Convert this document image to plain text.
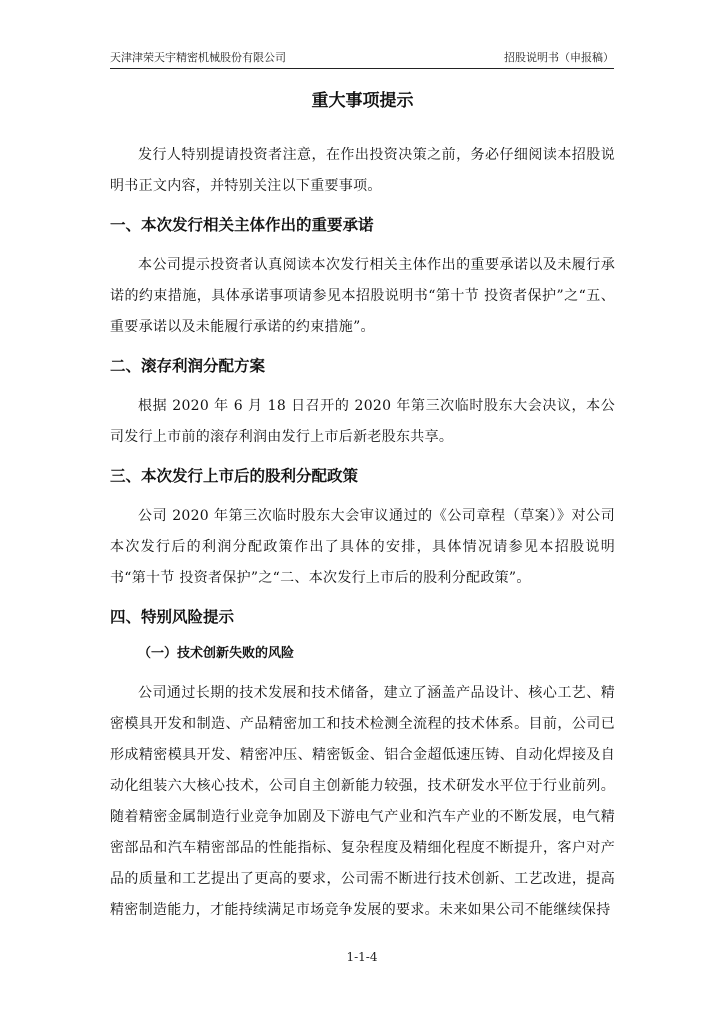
天津津荣天宇精密机械股份有限公司	招股说明书（申报稿）
重大事项提示

发行人特别提请投资者注意，在作出投资决策之前，务必仔细阅读本招股说明书正文内容，并特别关注以下重要事项。

一、本次发行相关主体作出的重要承诺

本公司提示投资者认真阅读本次发行相关主体作出的重要承诺以及未履行承诺的约束措施，具体承诺事项请参见本招股说明书“第十节 投资者保护”之“五、重要承诺以及未能履行承诺的约束措施”。

二、滚存利润分配方案

根据 2020 年 6 月 18 日召开的 2020 年第三次临时股东大会决议，本公司发行上市前的滚存利润由发行上市后新老股东共享。

三、本次发行上市后的股利分配政策

公司 2020 年第三次临时股东大会审议通过的《公司章程（草案）》对公司本次发行后的利润分配政策作出了具体的安排，具体情况请参见本招股说明书“第十节 投资者保护”之“二、本次发行上市后的股利分配政策”。

四、特别风险提示
（一）技术创新失败的风险

公司通过长期的技术发展和技术储备，建立了涵盖产品设计、核心工艺、精密模具开发和制造、产品精密加工和技术检测全流程的技术体系。目前，公司已形成精密模具开发、精密冲压、精密钣金、铝合金超低速压铸、自动化焊接及自动化组装六大核心技术，公司自主创新能力较强，技术研发水平位于行业前列。随着精密金属制造行业竞争加剧及下游电气产业和汽车产业的不断发展，电气精密部品和汽车精密部品的性能指标、复杂程度及精细化程度不断提升，客户对产品的质量和工艺提出了更高的要求，公司需不断进行技术创新、工艺改进，提高精密制造能力，才能持续满足市场竞争发展的要求。未来如果公司不能继续保持

1-1-4
